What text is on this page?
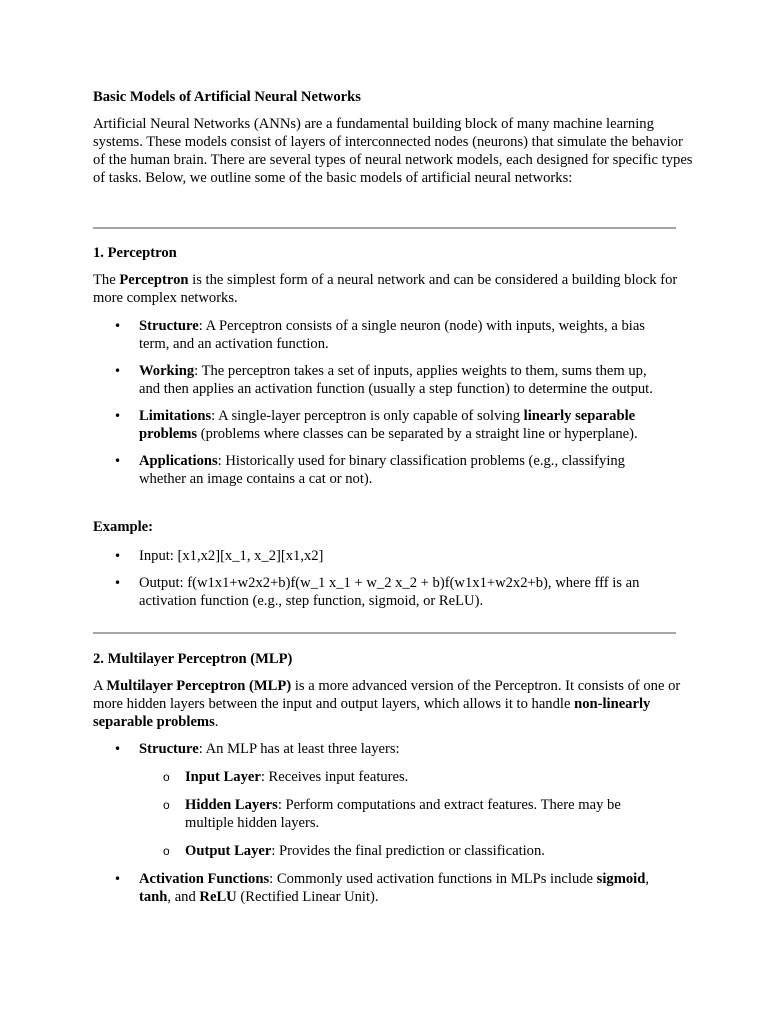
Basic Models of Artificial Neural Networks

Artificial Neural Networks (ANNs) are a fundamental building block of many machine learning systems. These models consist of layers of interconnected nodes (neurons) that simulate the behavior of the human brain. There are several types of neural network models, each designed for specific types of tasks. Below, we outline some of the basic models of artificial neural networks:

1. Perceptron

The Perceptron is the simplest form of a neural network and can be considered a building block for more complex networks.

• Structure: A Perceptron consists of a single neuron (node) with inputs, weights, a bias term, and an activation function.
• Working: The perceptron takes a set of inputs, applies weights to them, sums them up, and then applies an activation function (usually a step function) to determine the output.
• Limitations: A single-layer perceptron is only capable of solving linearly separable problems (problems where classes can be separated by a straight line or hyperplane).
• Applications: Historically used for binary classification problems (e.g., classifying whether an image contains a cat or not).
Example:
• Input: [x1,x2][x_1, x_2][x1,x2]
• Output: f(w1x1+w2x2+b)f(w_1 x_1 + w_2 x_2 + b)f(w1x1+w2x2+b), where fff is an activation function (e.g., step function, sigmoid, or ReLU).
2. Multilayer Perceptron (MLP)

A Multilayer Perceptron (MLP) is a more advanced version of the Perceptron. It consists of one or more hidden layers between the input and output layers, which allows it to handle non-linearly separable problems.

• Structure: An MLP has at least three layers:
o Input Layer: Receives input features.
o Hidden Layers: Perform computations and extract features. There may be multiple hidden layers.
o Output Layer: Provides the final prediction or classification.
• Activation Functions: Commonly used activation functions in MLPs include sigmoid, tanh, and ReLU (Rectified Linear Unit).
